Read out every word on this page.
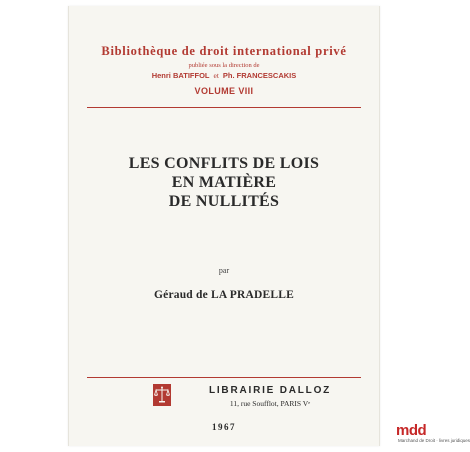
Bibliothèque de droit international privé
publiée sous la direction de
Henri BATIFFOL et Ph. FRANCESCAKIS
VOLUME VIII
LES CONFLITS DE LOIS
EN MATIÈRE
DE NULLITÉS
par
Géraud de LA PRADELLE
LIBRAIRIE DALLOZ
11, rue Soufflot, PARIS Vᵉ
1967	mdd
Marchand de Droit · livres juridiques
